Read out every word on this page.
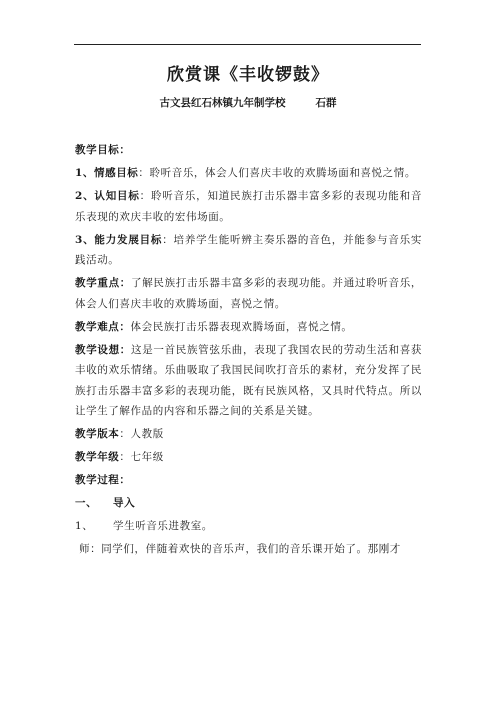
欣赏课《丰收锣鼓》
古文县红石林镇九年制学校	石群

教学目标：

1、情感目标：聆听音乐，体会人们喜庆丰收的欢腾场面和喜悦之情。

2、认知目标：聆听音乐，知道民族打击乐器丰富多彩的表现功能和音乐表现的欢庆丰收的宏伟场面。

3、能力发展目标：培养学生能听辨主奏乐器的音色，并能参与音乐实践活动。

教学重点：了解民族打击乐器丰富多彩的表现功能。并通过聆听音乐，体会人们喜庆丰收的欢腾场面，喜悦之情。

教学难点：体会民族打击乐器表现欢腾场面，喜悦之情。

教学设想：这是一首民族管弦乐曲，表现了我国农民的劳动生活和喜获丰收的欢乐情绪。乐曲吸取了我国民间吹打音乐的素材，充分发挥了民族打击乐器丰富多彩的表现功能，既有民族风格，又具时代特点。所以让学生了解作品的内容和乐器之间的关系是关键。

教学版本：人教版

教学年级：七年级

教学过程：

一、 导入

1、 学生听音乐进教室。

师：同学们，伴随着欢快的音乐声，我们的音乐课开始了。那刚才
